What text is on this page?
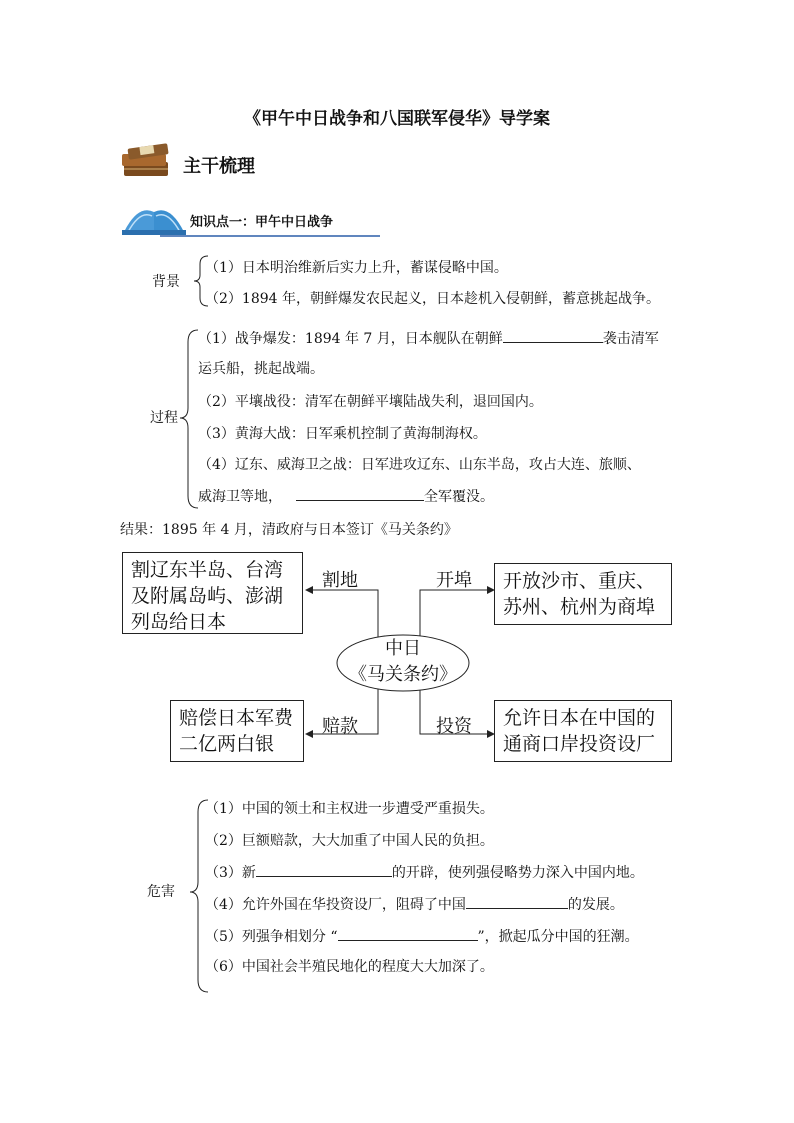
《甲午中日战争和八国联军侵华》导学案
主干梳理
知识点一：甲午中日战争
背景
（1）日本明治维新后实力上升，蓄谋侵略中国。
（2）1894 年，朝鲜爆发农民起义，日本趁机入侵朝鲜，蓄意挑起战争。
过程
（1）战争爆发：1894 年 7 月，日本舰队在朝鲜	袭击清军
运兵船，挑起战端。
（2）平壤战役：清军在朝鲜平壤陆战失利，退回国内。
（3）黄海大战：日军乘机控制了黄海制海权。
（4）辽东、威海卫之战：日军进攻辽东、山东半岛，攻占大连、旅顺、
威海卫等地，	全军覆没。
结果：1895 年 4 月，清政府与日本签订《马关条约》
割辽东半岛、台湾
及附属岛屿、澎湖
列岛给日本
割地	开放沙市、重庆、
苏州、杭州为商埠
开埠
中日
《马关条约》
赔偿日本军费
二亿两白银
赔款	允许日本在中国的
通商口岸投资设厂
投资
危害
（1）中国的领土和主权进一步遭受严重损失。
（2）巨额赔款，大大加重了中国人民的负担。
（3）新	的开辟，使列强侵略势力深入中国内地。
（4）允许外国在华投资设厂，阻碍了中国	的发展。
（5）列强争相划分 “	”，掀起瓜分中国的狂潮。
（6）中国社会半殖民地化的程度大大加深了。
